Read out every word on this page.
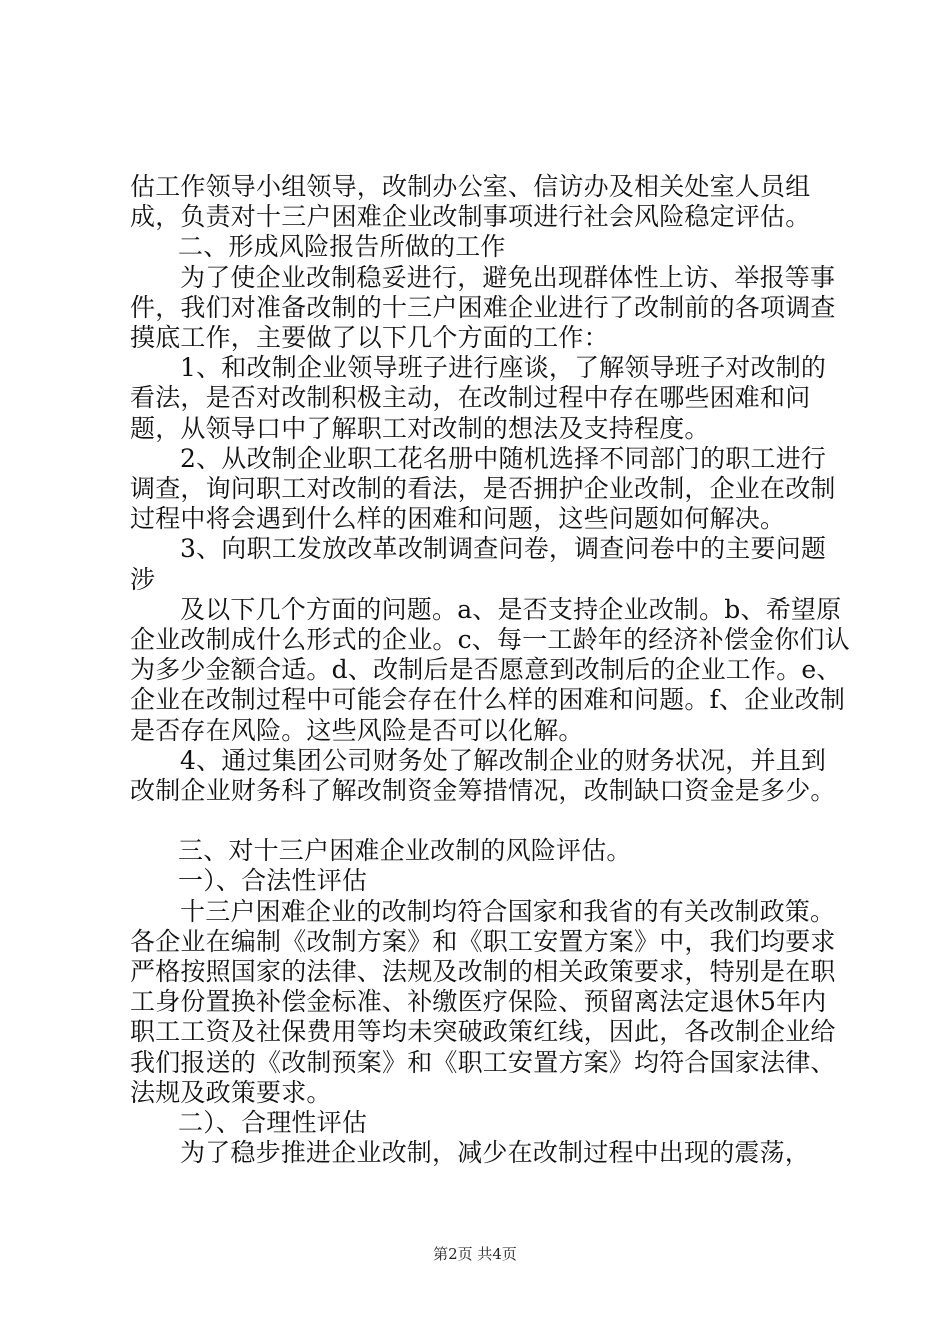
估工作领导小组领导，改制办公室、信访办及相关处室人员组成，负责对十三户困难企业改制事项进行社会风险稳定评估。

二、形成风险报告所做的工作

为了使企业改制稳妥进行，避免出现群体性上访、举报等事件，我们对准备改制的十三户困难企业进行了改制前的各项调查摸底工作，主要做了以下几个方面的工作：

1、和改制企业领导班子进行座谈，了解领导班子对改制的看法，是否对改制积极主动，在改制过程中存在哪些困难和问题，从领导口中了解职工对改制的想法及支持程度。

2、从改制企业职工花名册中随机选择不同部门的职工进行调查，询问职工对改制的看法，是否拥护企业改制，企业在改制过程中将会遇到什么样的困难和问题，这些问题如何解决。

3、向职工发放改革改制调查问卷，调查问卷中的主要问题涉

及以下几个方面的问题。a、是否支持企业改制。b、希望原企业改制成什么形式的企业。c、每一工龄年的经济补偿金你们认为多少金额合适。d、改制后是否愿意到改制后的企业工作。e、企业在改制过程中可能会存在什么样的困难和问题。f、企业改制是否存在风险。这些风险是否可以化解。

4、通过集团公司财务处了解改制企业的财务状况，并且到改制企业财务科了解改制资金筹措情况，改制缺口资金是多少。

三、对十三户困难企业改制的风险评估。

一）、合法性评估

十三户困难企业的改制均符合国家和我省的有关改制政策。各企业在编制《改制方案》和《职工安置方案》中，我们均要求严格按照国家的法律、法规及改制的相关政策要求，特别是在职工身份置换补偿金标准、补缴医疗保险、预留离法定退休5年内职工工资及社保费用等均未突破政策红线，因此，各改制企业给我们报送的《改制预案》和《职工安置方案》均符合国家法律、法规及政策要求。

二）、合理性评估

为了稳步推进企业改制，减少在改制过程中出现的震荡，

第2页 共4页
